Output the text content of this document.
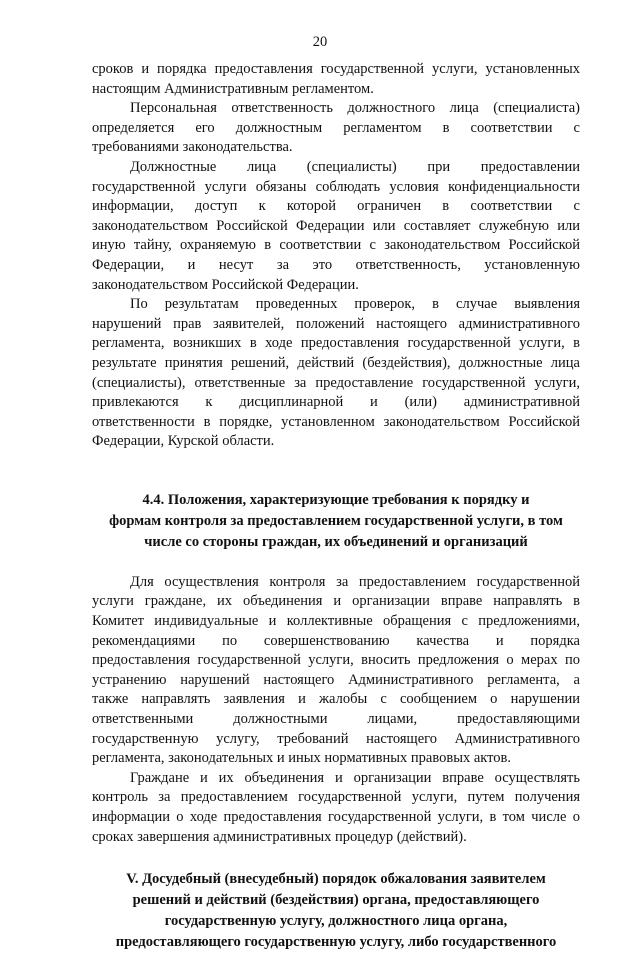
20
сроков и порядка предоставления государственной услуги, установленных
настоящим Административным регламентом.
Персональная ответственность должностного лица (специалиста)
определяется его должностным регламентом в соответствии с
требованиями законодательства.
Должностные лица (специалисты) при предоставлении
государственной услуги обязаны соблюдать условия конфиденциальности
информации, доступ к которой ограничен в соответствии с
законодательством Российской Федерации или составляет служебную или
иную тайну, охраняемую в соответствии с законодательством Российской
Федерации, и несут за это ответственность, установленную
законодательством Российской Федерации.
По результатам проведенных проверок, в случае выявления
нарушений прав заявителей, положений настоящего административного
регламента, возникших в ходе предоставления государственной услуги, в
результате принятия решений, действий (бездействия), должностные лица
(специалисты), ответственные за предоставление государственной услуги,
привлекаются к дисциплинарной и (или) административной
ответственности в порядке, установленном законодательством Российской
Федерации, Курской области.
4.4. Положения, характеризующие требования к порядку и
формам контроля за предоставлением государственной услуги, в том
числе со стороны граждан, их объединений и организаций
Для осуществления контроля за предоставлением государственной
услуги граждане, их объединения и организации вправе направлять в
Комитет индивидуальные и коллективные обращения с предложениями,
рекомендациями по совершенствованию качества и порядка
предоставления государственной услуги, вносить предложения о мерах по
устранению нарушений настоящего Административного регламента, а
также направлять заявления и жалобы с сообщением о нарушении
ответственными должностными лицами, предоставляющими
государственную услугу, требований настоящего Административного
регламента, законодательных и иных нормативных правовых актов.
Граждане и их объединения и организации вправе осуществлять
контроль за предоставлением государственной услуги, путем получения
информации о ходе предоставления государственной услуги, в том числе о
сроках завершения административных процедур (действий).
V. Досудебный (внесудебный) порядок обжалования заявителем
решений и действий (бездействия) органа, предоставляющего
государственную услугу, должностного лица органа,
предоставляющего государственную услугу, либо государственного
